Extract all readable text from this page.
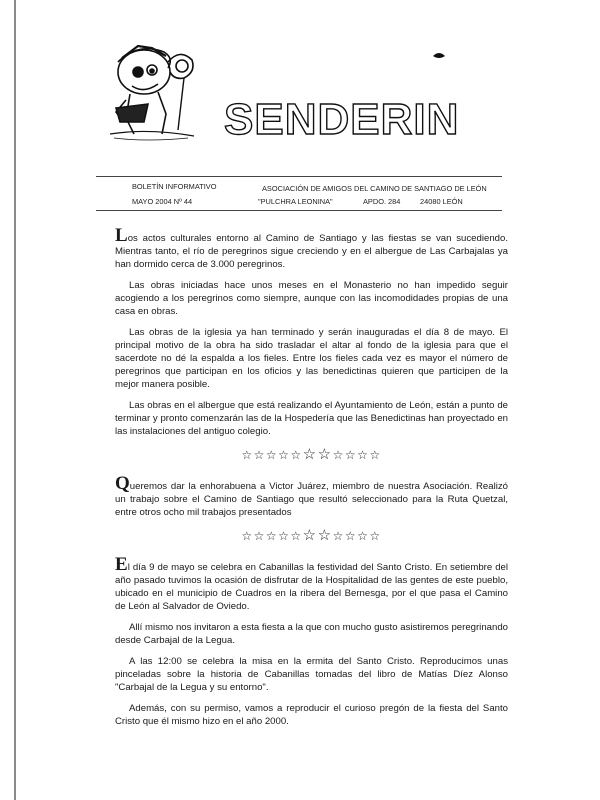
SENDERIN
BOLETÍN INFORMATIVO	ASOCIACIÓN DE AMIGOS DEL CAMINO DE SANTIAGO DE LEÓN
MAYO 2004 Nº 44	"PULCHRA LEONINA"	APDO. 284	24080 LEÓN

Los actos culturales entorno al Camino de Santiago y las fiestas se van sucediendo. Mientras tanto, el río de peregrinos sigue creciendo y en el albergue de Las Carbajalas ya han dormido cerca de 3.000 peregrinos.

Las obras iniciadas hace unos meses en el Monasterio no han impedido seguir acogiendo a los peregrinos como siempre, aunque con las incomodidades propias de una casa en obras.

Las obras de la iglesia ya han terminado y serán inauguradas el día 8 de mayo. El principal motivo de la obra ha sido trasladar el altar al fondo de la iglesia para que el sacerdote no dé la espalda a los fieles. Entre los fieles cada vez es mayor el número de peregrinos que participan en los oficios y las benedictinas quieren que participen de la mejor manera posible.

Las obras en el albergue que está realizando el Ayuntamiento de León, están a punto de terminar y pronto comenzarán las de la Hospedería que las Benedictinas han proyectado en las instalaciones del antiguo colegio.

☆☆☆☆☆☆☆☆☆☆☆

Queremos dar la enhorabuena a Victor Juárez, miembro de nuestra Asociación. Realizó un trabajo sobre el Camino de Santiago que resultó seleccionado para la Ruta Quetzal, entre otros ocho mil trabajos presentados

☆☆☆☆☆☆☆☆☆☆☆

El día 9 de mayo se celebra en Cabanillas la festividad del Santo Cristo. En setiembre del año pasado tuvimos la ocasión de disfrutar de la Hospitalidad de las gentes de este pueblo, ubicado en el municipio de Cuadros en la ribera del Bernesga, por el que pasa el Camino de León al Salvador de Oviedo.

Allí mismo nos invitaron a esta fiesta a la que con mucho gusto asistiremos peregrinando desde Carbajal de la Legua.

A las 12:00 se celebra la misa en la ermita del Santo Cristo. Reproducimos unas pinceladas sobre la historia de Cabanillas tomadas del libro de Matías Díez Alonso "Carbajal de la Legua y su entorno".

Además, con su permiso, vamos a reproducir el curioso pregón de la fiesta del Santo Cristo que él mismo hizo en el año 2000.
